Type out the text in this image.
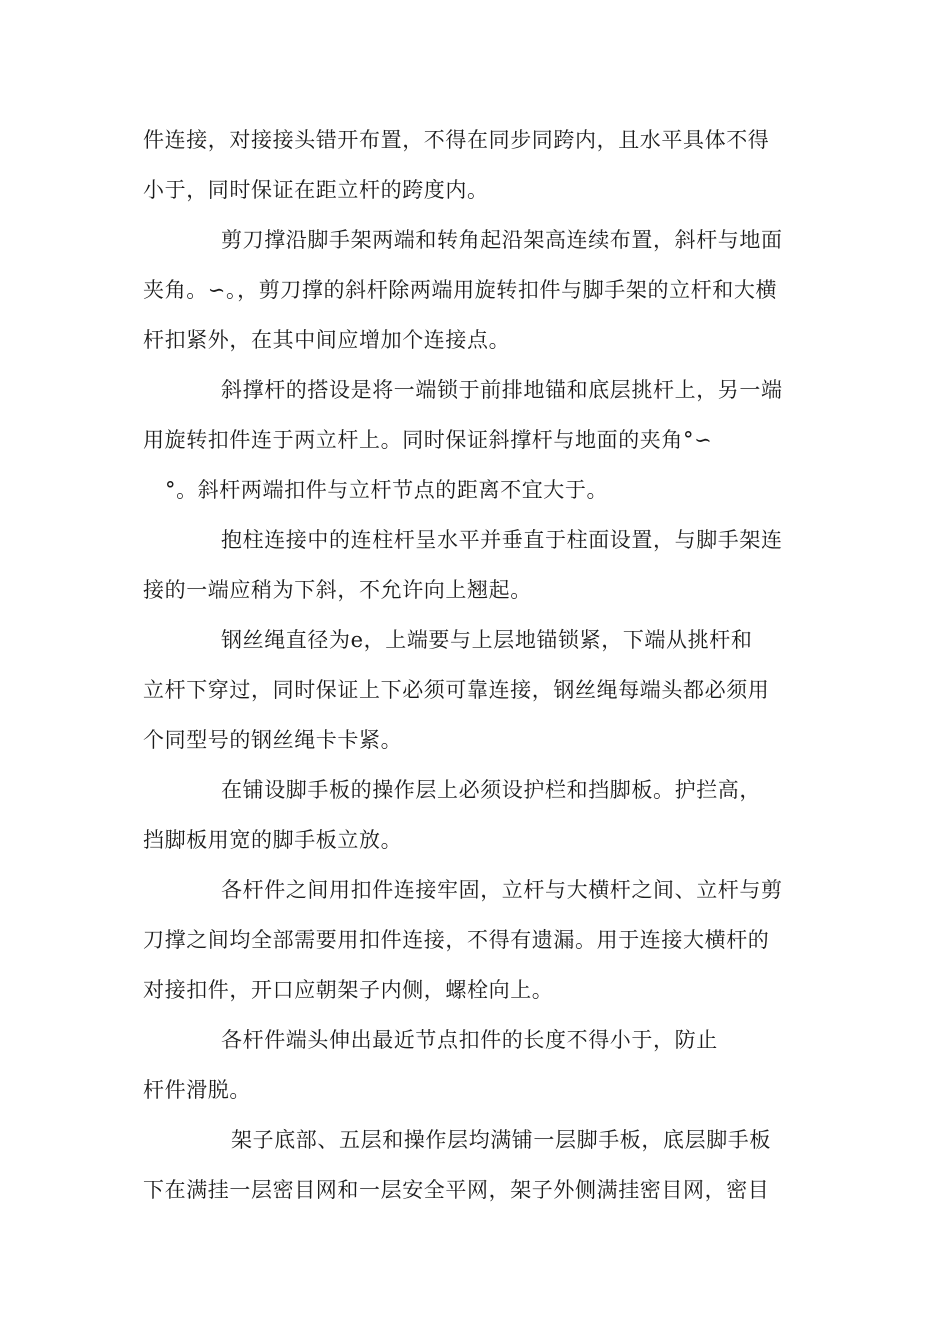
件连接，对接接头错开布置，不得在同步同跨内，且水平具体不得
小于，同时保证在距立杆的跨度内。
剪刀撑沿脚手架两端和转角起沿架高连续布置，斜杆与地面
夹角。∽。，剪刀撑的斜杆除两端用旋转扣件与脚手架的立杆和大横
杆扣紧外，在其中间应增加个连接点。
斜撑杆的搭设是将一端锁于前排地锚和底层挑杆上，另一端
用旋转扣件连于两立杆上。同时保证斜撑杆与地面的夹角°∽
°。斜杆两端扣件与立杆节点的距离不宜大于。
抱柱连接中的连柱杆呈水平并垂直于柱面设置，与脚手架连
接的一端应稍为下斜，不允许向上翘起。
钢丝绳直径为e，上端要与上层地锚锁紧，下端从挑杆和
立杆下穿过，同时保证上下必须可靠连接，钢丝绳每端头都必须用
个同型号的钢丝绳卡卡紧。
在铺设脚手板的操作层上必须设护栏和挡脚板。护拦高，
挡脚板用宽的脚手板立放。
各杆件之间用扣件连接牢固，立杆与大横杆之间、立杆与剪
刀撑之间均全部需要用扣件连接，不得有遗漏。用于连接大横杆的
对接扣件，开口应朝架子内侧，螺栓向上。
各杆件端头伸出最近节点扣件的长度不得小于，防止
杆件滑脱。
架子底部、五层和操作层均满铺一层脚手板，底层脚手板
下在满挂一层密目网和一层安全平网，架子外侧满挂密目网，密目
